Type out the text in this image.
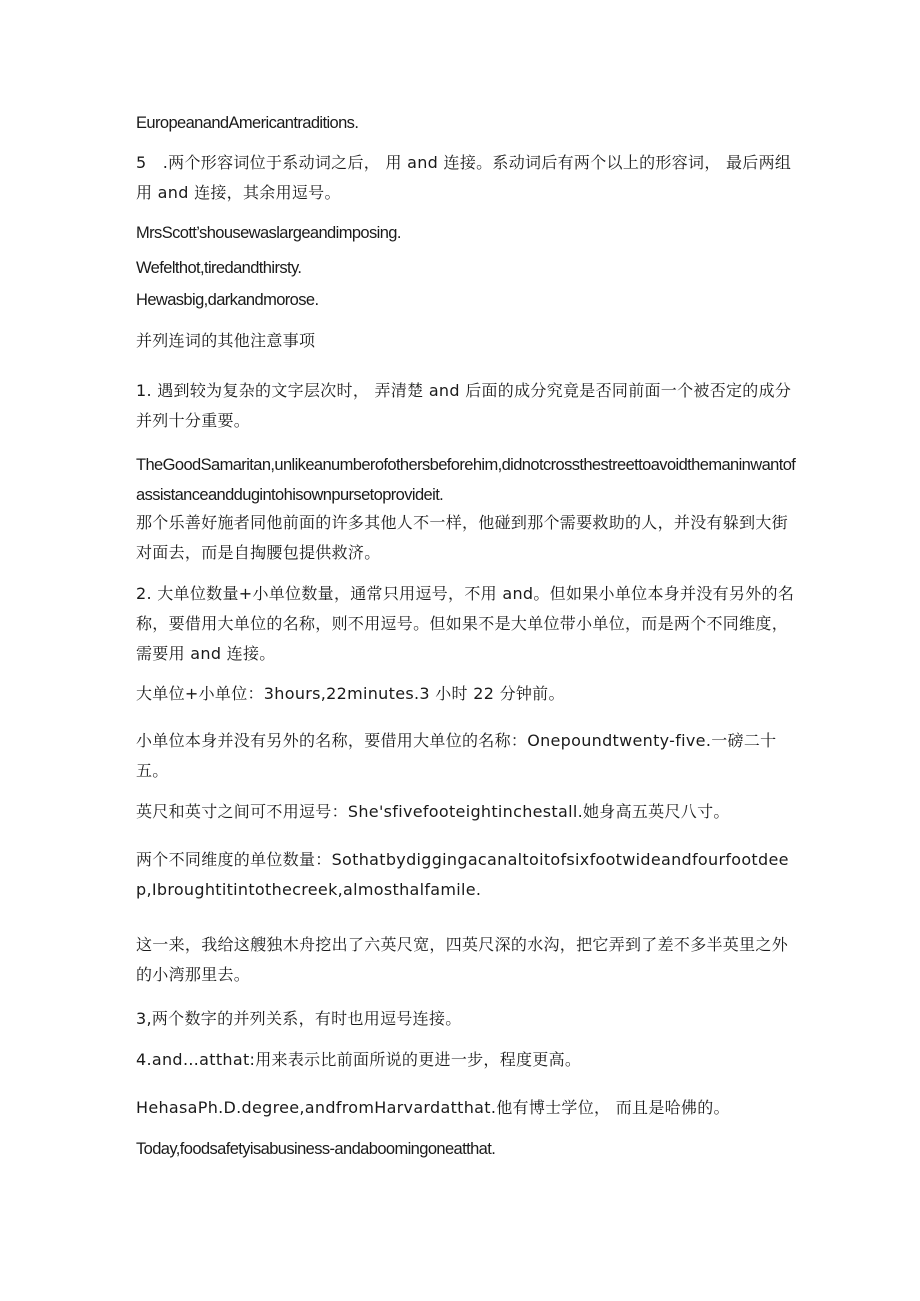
EuropeanandAmericantraditions.
5　.两个形容词位于系动词之后， 用 and 连接。系动词后有两个以上的形容词， 最后两组用 and 连接，其余用逗号。
MrsScott’shousewaslargeandimposing.
Wefelthot,tiredandthirsty.
Hewasbig,darkandmorose.
并列连词的其他注意事项
1. 遇到较为复杂的文字层次时， 弄清楚 and 后面的成分究竟是否同前面一个被否定的成分并列十分重要。
TheGoodSamaritan,unlikeanumberofothersbeforehim,didnotcrossthestreettoavoidthemaninwantofassistanceanddugintohisownpursetoprovideit.
那个乐善好施者同他前面的许多其他人不一样，他碰到那个需要救助的人，并没有躲到大街对面去，而是自掏腰包提供救济。
2. 大单位数量+小单位数量，通常只用逗号，不用 and。但如果小单位本身并没有另外的名称，要借用大单位的名称，则不用逗号。但如果不是大单位带小单位，而是两个不同维度，需要用 and 连接。
大单位+小单位：3hours,22minutes.3 小时 22 分钟前。
小单位本身并没有另外的名称，要借用大单位的名称：Onepoundtwenty-five.一磅二十五。
英尺和英寸之间可不用逗号：She'sfivefooteightinchestall.她身高五英尺八寸。
两个不同维度的单位数量：Sothatbydiggingacanaltoitofsixfootwideandfourfootdeep,Ibroughtitintothecreek,almosthalfamile.
这一来，我给这艘独木舟挖出了六英尺宽，四英尺深的水沟，把它弄到了差不多半英里之外的小湾那里去。
3,两个数字的并列关系，有时也用逗号连接。
4.and…atthat:用来表示比前面所说的更进一步，程度更高。
HehasaPh.D.degree,andfromHarvardatthat.他有博士学位， 而且是哈佛的。
Today,foodsafetyisabusiness-andaboomingoneatthat.
